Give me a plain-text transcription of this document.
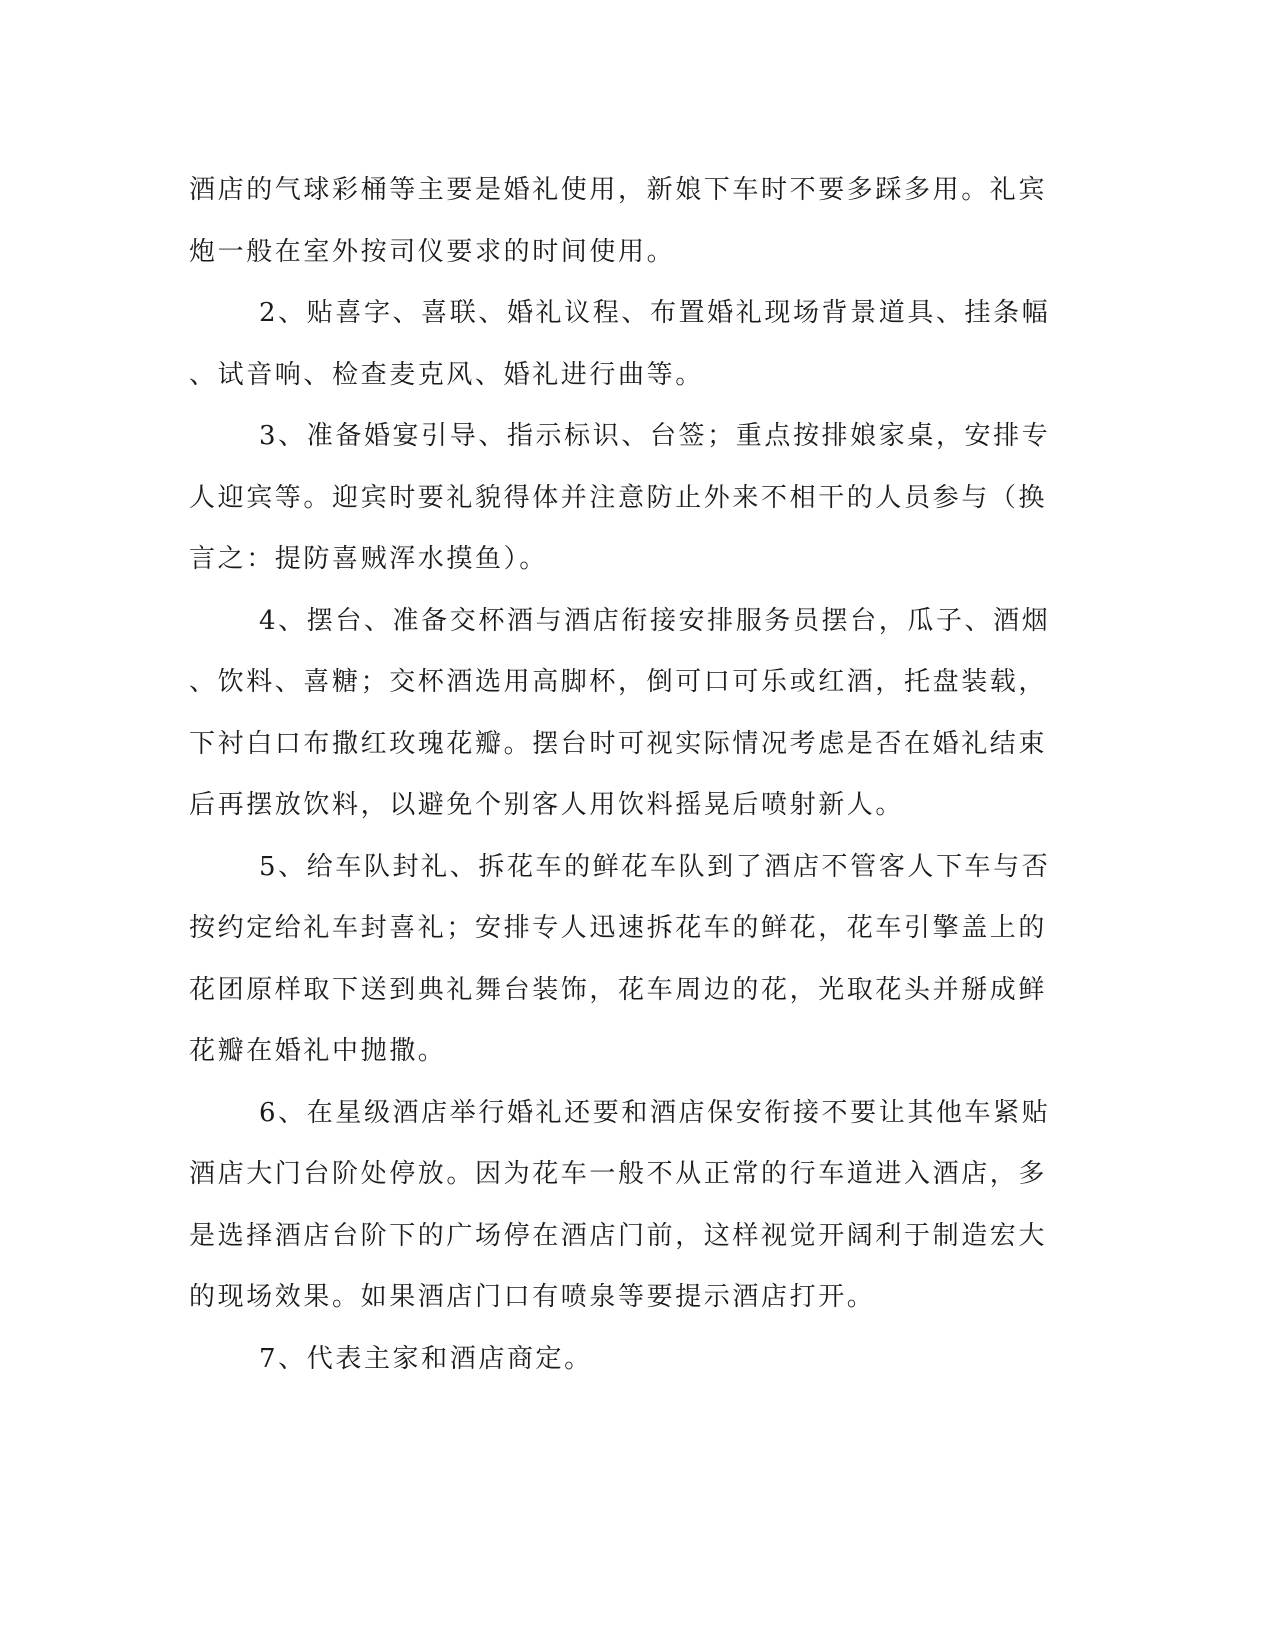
酒店的气球彩桶等主要是婚礼使用，新娘下车时不要多踩多用。礼宾
炮一般在室外按司仪要求的时间使用。
2、贴喜字、喜联、婚礼议程、布置婚礼现场背景道具、挂条幅
、试音响、检查麦克风、婚礼进行曲等。
3、准备婚宴引导、指示标识、台签；重点按排娘家桌，安排专
人迎宾等。迎宾时要礼貌得体并注意防止外来不相干的人员参与（换
言之：提防喜贼浑水摸鱼）。
4、摆台、准备交杯酒与酒店衔接安排服务员摆台，瓜子、酒烟
、饮料、喜糖；交杯酒选用高脚杯，倒可口可乐或红酒，托盘装载，
下衬白口布撒红玫瑰花瓣。摆台时可视实际情况考虑是否在婚礼结束
后再摆放饮料，以避免个别客人用饮料摇晃后喷射新人。
5、给车队封礼、拆花车的鲜花车队到了酒店不管客人下车与否
按约定给礼车封喜礼；安排专人迅速拆花车的鲜花，花车引擎盖上的
花团原样取下送到典礼舞台装饰，花车周边的花，光取花头并掰成鲜
花瓣在婚礼中抛撒。
6、在星级酒店举行婚礼还要和酒店保安衔接不要让其他车紧贴
酒店大门台阶处停放。因为花车一般不从正常的行车道进入酒店，多
是选择酒店台阶下的广场停在酒店门前，这样视觉开阔利于制造宏大
的现场效果。如果酒店门口有喷泉等要提示酒店打开。
7、代表主家和酒店商定。
